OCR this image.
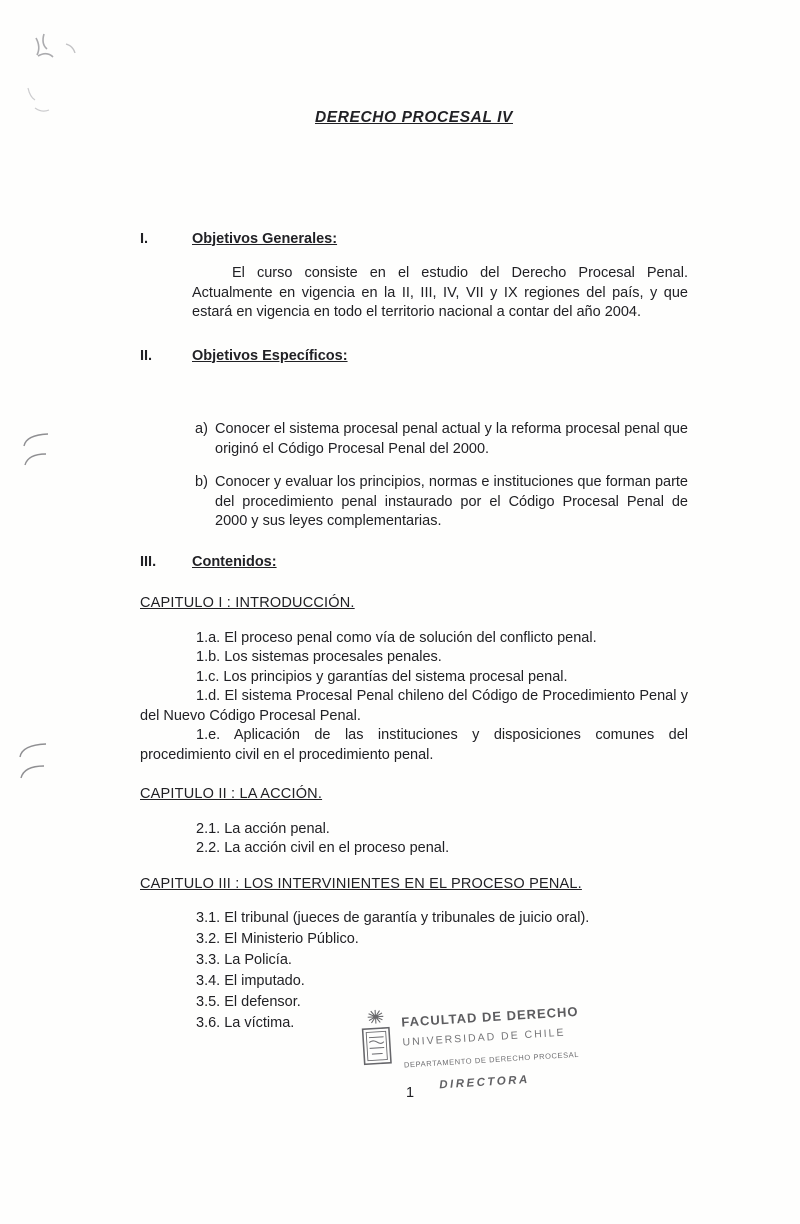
DERECHO PROCESAL IV
I.	Objetivos Generales:

El curso consiste en el estudio del Derecho Procesal Penal. Actualmente en vigencia en la II, III, IV, VII y IX regiones del país, y que estará en vigencia en todo el territorio nacional a contar del año 2004.

II.	Objetivos Específicos:
a) Conocer el sistema procesal penal actual y la reforma procesal penal que originó el Código Procesal Penal del 2000.
b) Conocer y evaluar los principios, normas e instituciones que forman parte del procedimiento penal instaurado por el Código Procesal Penal de 2000 y sus leyes complementarias.
III.	Contenidos:
CAPITULO I : INTRODUCCIÓN.

1.a. El proceso penal como vía de solución del conflicto penal.

1.b. Los sistemas procesales penales.

1.c. Los principios y garantías del sistema procesal penal.

1.d. El sistema Procesal Penal chileno del Código de Procedimiento Penal y del Nuevo Código Procesal Penal.

1.e. Aplicación de las instituciones y disposiciones comunes del procedimiento civil en el procedimiento penal.

CAPITULO II : LA ACCIÓN.

2.1. La acción penal.

2.2. La acción civil en el proceso penal.

CAPITULO III : LOS INTERVINIENTES EN EL PROCESO PENAL.

3.1. El tribunal (jueces de garantía y tribunales de juicio oral).

3.2. El Ministerio Público.

3.3. La Policía.

3.4. El imputado.

3.5. El defensor.

3.6. La víctima.	FACULTAD DE DERECHO
UNIVERSIDAD DE CHILE
DEPARTAMENTO DE DERECHO PROCESAL
DIRECTORA
1
